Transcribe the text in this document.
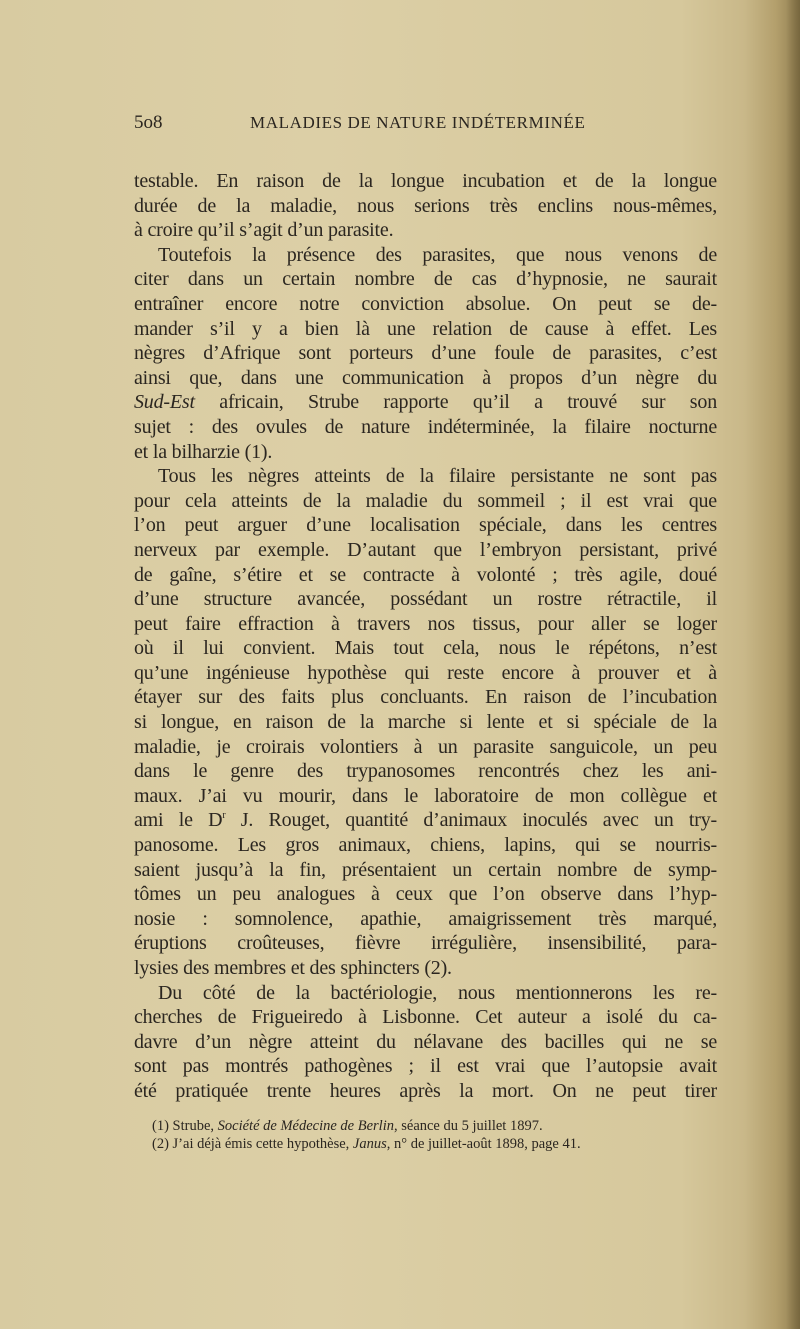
5o8	MALADIES DE NATURE INDÉTERMINÉE
testable. En raison de la longue incubation et de la longue
durée de la maladie, nous serions très enclins nous-mêmes,
à croire qu’il s’agit d’un parasite.
Toutefois la présence des parasites, que nous venons de
citer dans un certain nombre de cas d’hypnosie, ne saurait
entraîner encore notre conviction absolue. On peut se de-
mander s’il y a bien là une relation de cause à effet. Les
nègres d’Afrique sont porteurs d’une foule de parasites, c’est
ainsi que, dans une communication à propos d’un nègre du
Sud-Est africain, Strube rapporte qu’il a trouvé sur son
sujet : des ovules de nature indéterminée, la filaire nocturne
et la bilharzie (1).
Tous les nègres atteints de la filaire persistante ne sont pas
pour cela atteints de la maladie du sommeil ; il est vrai que
l’on peut arguer d’une localisation spéciale, dans les centres
nerveux par exemple. D’autant que l’embryon persistant, privé
de gaîne, s’étire et se contracte à volonté ; très agile, doué
d’une structure avancée, possédant un rostre rétractile, il
peut faire effraction à travers nos tissus, pour aller se loger
où il lui convient. Mais tout cela, nous le répétons, n’est
qu’une ingénieuse hypothèse qui reste encore à prouver et à
étayer sur des faits plus concluants. En raison de l’incubation
si longue, en raison de la marche si lente et si spéciale de la
maladie, je croirais volontiers à un parasite sanguicole, un peu
dans le genre des trypanosomes rencontrés chez les ani-
maux. J’ai vu mourir, dans le laboratoire de mon collègue et
ami le $D^r$ J. Rouget, quantité d’animaux inoculés avec un try-
panosome. Les gros animaux, chiens, lapins, qui se nourris-
saient jusqu’à la fin, présentaient un certain nombre de symp-
tômes un peu analogues à ceux que l’on observe dans l’hyp-
nosie : somnolence, apathie, amaigrissement très marqué,
éruptions croûteuses, fièvre irrégulière, insensibilité, para-
lysies des membres et des sphincters (2).
Du côté de la bactériologie, nous mentionnerons les re-
cherches de Frigueiredo à Lisbonne. Cet auteur a isolé du ca-
davre d’un nègre atteint du nélavane des bacilles qui ne se
sont pas montrés pathogènes ; il est vrai que l’autopsie avait
été pratiquée trente heures après la mort. On ne peut tirer
(1) Strube, Société de Médecine de Berlin, séance du 5 juillet 1897.
(2) J’ai déjà émis cette hypothèse, Janus, n° de juillet-août 1898, page 41.
